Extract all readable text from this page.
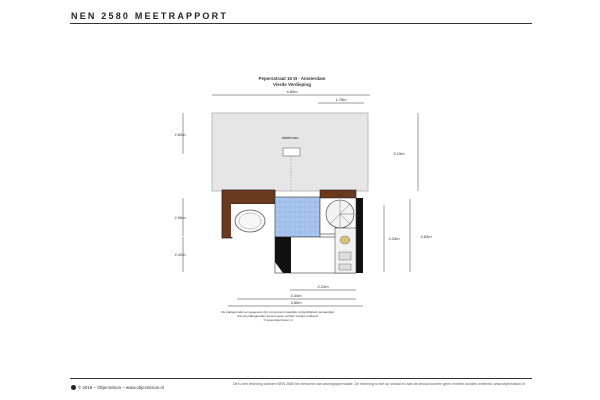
NEN 2580 MEETRAPPORT
Pepersstraat 15 III - Amsterdam
Vierde Verdieping
4.80m
1.78m
dakterras
kast
2.83m
2.06m
2.42m
5.15m
4.34m	4.83m
2.24m
3.44m
3.80m
De plattegronden en gegevens zijn met grootst mogelijke zorgvuldigheid vervaardigd.
Aan de plattegronden kunnen geen rechten worden ontleend.
© www.objectvision.nl
© 2019 – Objectvision – www.objectvision.nl
Dit is een tekening conform NEN 2580 ten behoeve van woningoppervlakte. De tekening is niet op schaal en aan de inhoud kunnen geen rechten worden ontleend. www.objectvision.nl
